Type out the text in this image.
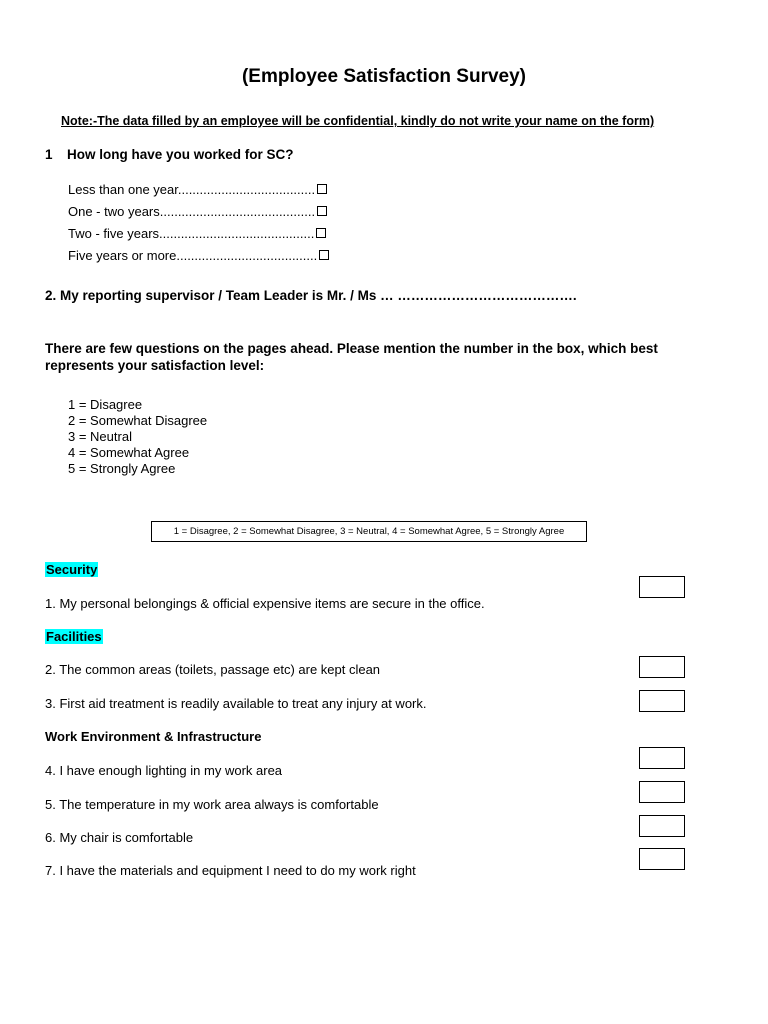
(Employee Satisfaction Survey)
Note:-The data filled by an employee will be confidential, kindly do not write your name on the form)
1 How long have you worked for SC?
Less than one year......................................
One - two years...........................................
Two - five years...........................................
Five years or more.......................................
2. My reporting supervisor / Team Leader is Mr. / Ms … ………………………………….
There are few questions on the pages ahead. Please mention the number in the box, which best represents your satisfaction level:
1 = Disagree
2 = Somewhat Disagree
3 = Neutral
4 = Somewhat Agree
5 = Strongly Agree
1 = Disagree, 2 = Somewhat Disagree, 3 = Neutral, 4 = Somewhat Agree, 5 = Strongly Agree
Security
1. My personal belongings & official expensive items are secure in the office.
Facilities
2. The common areas (toilets, passage etc) are kept clean
3. First aid treatment is readily available to treat any injury at work.
Work Environment & Infrastructure
4. I have enough lighting in my work area
5. The temperature in my work area always is comfortable
6. My chair is comfortable
7. I have the materials and equipment I need to do my work right
